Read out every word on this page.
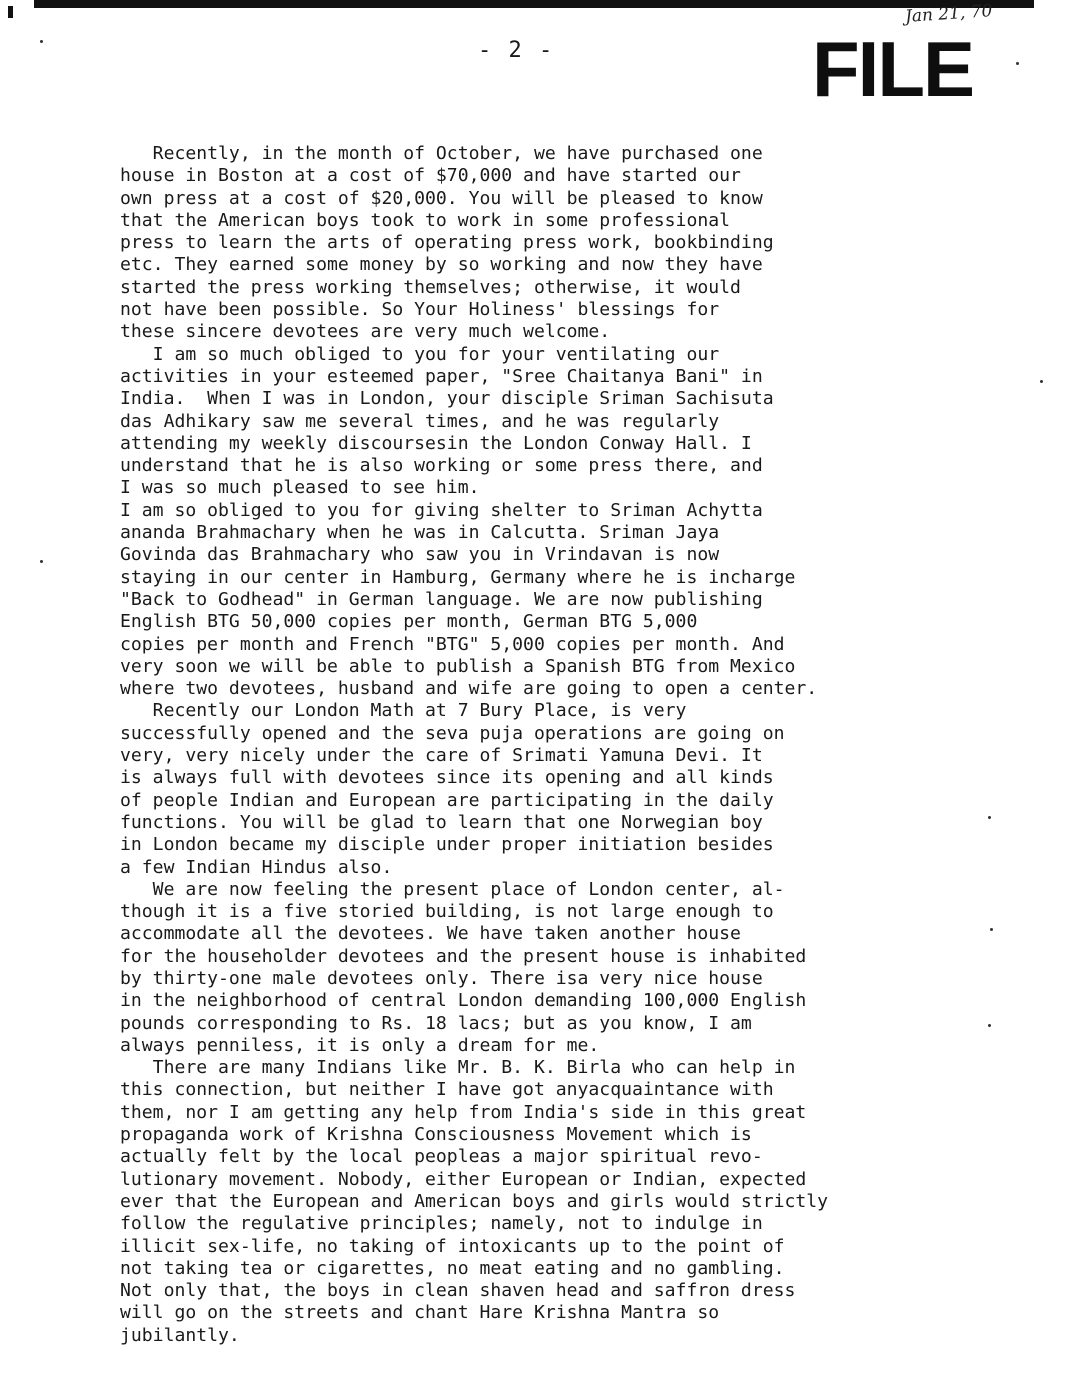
Jan 21, 70
- 2 -	FILE
Recently, in the month of October, we have purchased one
house in Boston at a cost of $70,000 and have started our
own press at a cost of $20,000. You will be pleased to know
that the American boys took to work in some professional
press to learn the arts of operating press work, bookbinding
etc. They earned some money by so working and now they have
started the press working themselves; otherwise, it would
not have been possible. So Your Holiness' blessings for
these sincere devotees are very much welcome.
I am so much obliged to you for your ventilating our
activities in your esteemed paper, "Sree Chaitanya Bani" in
India.  When I was in London, your disciple Sriman Sachisuta
das Adhikary saw me several times, and he was regularly
attending my weekly discoursesin the London Conway Hall. I
understand that he is also working or some press there, and
I was so much pleased to see him.
I am so obliged to you for giving shelter to Sriman Achytta
ananda Brahmachary when he was in Calcutta. Sriman Jaya
Govinda das Brahmachary who saw you in Vrindavan is now
staying in our center in Hamburg, Germany where he is incharge
"Back to Godhead" in German language. We are now publishing
English BTG 50,000 copies per month, German BTG 5,000
copies per month and French "BTG" 5,000 copies per month. And
very soon we will be able to publish a Spanish BTG from Mexico
where two devotees, husband and wife are going to open a center.
Recently our London Math at 7 Bury Place, is very
successfully opened and the seva puja operations are going on
very, very nicely under the care of Srimati Yamuna Devi. It
is always full with devotees since its opening and all kinds
of people Indian and European are participating in the daily
functions. You will be glad to learn that one Norwegian boy
in London became my disciple under proper initiation besides
a few Indian Hindus also.
We are now feeling the present place of London center, al-
though it is a five storied building, is not large enough to
accommodate all the devotees. We have taken another house
for the householder devotees and the present house is inhabited
by thirty-one male devotees only. There isa very nice house
in the neighborhood of central London demanding 100,000 English
pounds corresponding to Rs. 18 lacs; but as you know, I am
always penniless, it is only a dream for me.
There are many Indians like Mr. B. K. Birla who can help in
this connection, but neither I have got anyacquaintance with
them, nor I am getting any help from India's side in this great
propaganda work of Krishna Consciousness Movement which is
actually felt by the local peopleas a major spiritual revo-
lutionary movement. Nobody, either European or Indian, expected
ever that the European and American boys and girls would strictly
follow the regulative principles; namely, not to indulge in
illicit sex-life, no taking of intoxicants up to the point of
not taking tea or cigarettes, no meat eating and no gambling.
Not only that, the boys in clean shaven head and saffron dress
will go on the streets and chant Hare Krishna Mantra so
jubilantly.
